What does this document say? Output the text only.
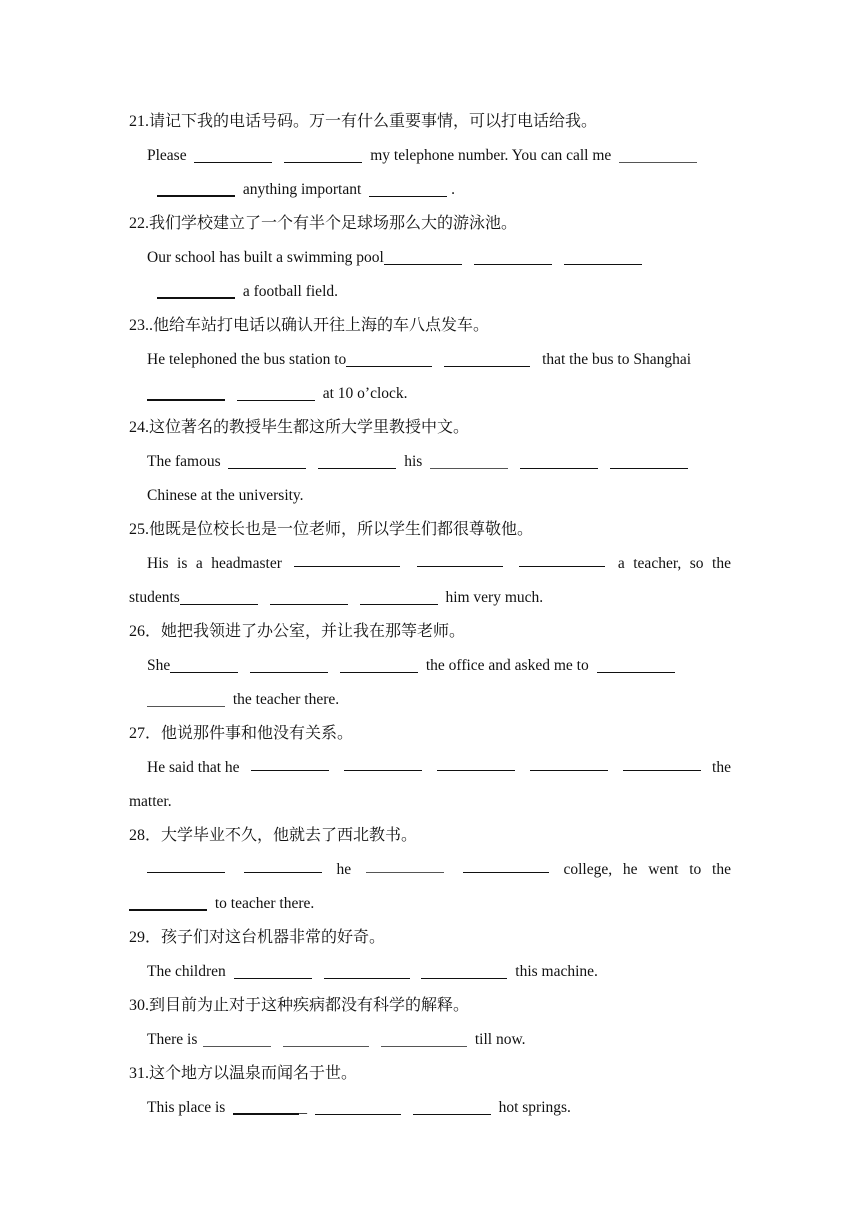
21.请记下我的电话号码。万一有什么重要事情，可以打电话给我。
Please	my telephone number. You can call me
anything important	.
22.我们学校建立了一个有半个足球场那么大的游泳池。
Our school has built a swimming pool
a football field.
23..他给车站打电话以确认开往上海的车八点发车。
He telephoned the bus station to	that the bus to Shanghai
at 10 o’clock.
24.这位著名的教授毕生都这所大学里教授中文。
The famous	his
Chinese at the university.
25.他既是位校长也是一位老师，所以学生们都很尊敬他。
His is a headmaster	a teacher, so the
students	him very much.
26．她把我领进了办公室，并让我在那等老师。
She	the office and asked me to
the teacher there.
27．他说那件事和他没有关系。
He said that he	the
matter.
28．大学毕业不久，他就去了西北教书。
he	college, he went to the
to teacher there.
29．孩子们对这台机器非常的好奇。
The children	this machine.
30.到目前为止对于这种疾病都没有科学的解释。
There is	till now.
31.这个地方以温泉而闻名于世。
This place is	_	hot springs.
